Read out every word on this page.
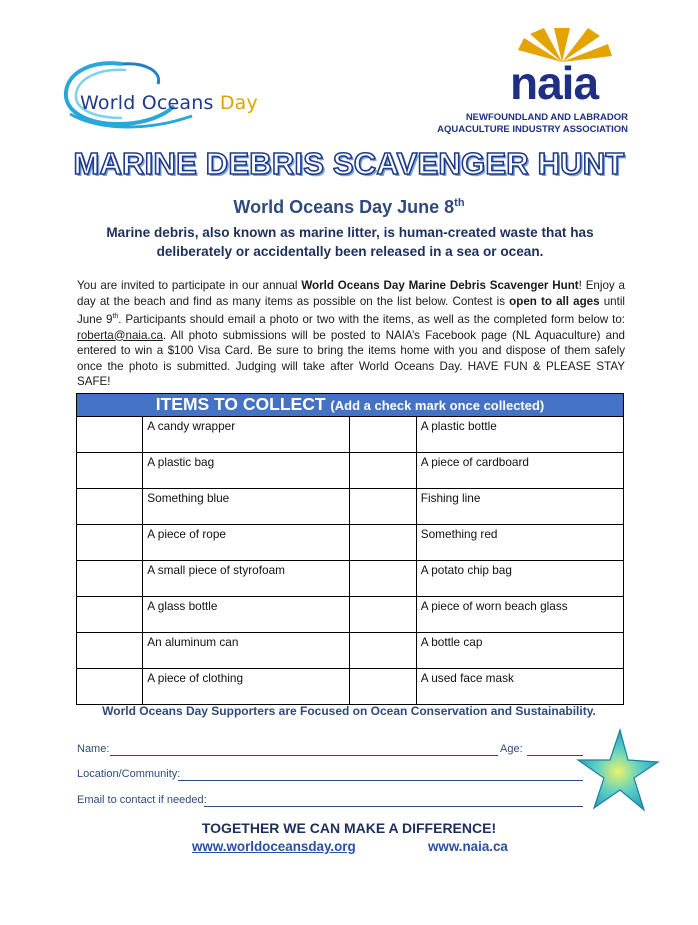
World Oceans Day	naia
NEWFOUNDLAND AND LABRADOR
AQUACULTURE INDUSTRY ASSOCIATION
MARINE DEBRIS SCAVENGER HUNT
World Oceans Day June 8th
Marine debris, also known as marine litter, is human-created waste that has deliberately or accidentally been released in a sea or ocean.
You are invited to participate in our annual World Oceans Day Marine Debris Scavenger Hunt! Enjoy a day at the beach and find as many items as possible on the list below. Contest is open to all ages until June 9th. Participants should email a photo or two with the items, as well as the completed form below to: roberta@naia.ca. All photo submissions will be posted to NAIA’s Facebook page (NL Aquaculture) and entered to win a $100 Visa Card. Be sure to bring the items home with you and dispose of them safely once the photo is submitted. Judging will take after World Oceans Day. HAVE FUN & PLEASE STAY SAFE!
ITEMS TO COLLECT (Add a check mark once collected)			
	A candy wrapper		A plastic bottle
	A plastic bag		A piece of cardboard
	Something blue		Fishing line
	A piece of rope		Something red
	A small piece of styrofoam		A potato chip bag
	A glass bottle		A piece of worn beach glass
	An aluminum can		A bottle cap
	A piece of clothing		A used face mask
World Oceans Day Supporters are Focused on Ocean Conservation and Sustainability.
Name:	Age:
Location/Community:
Email to contact if needed:
TOGETHER WE CAN MAKE A DIFFERENCE!
www.worldoceansday.org	www.naia.ca
